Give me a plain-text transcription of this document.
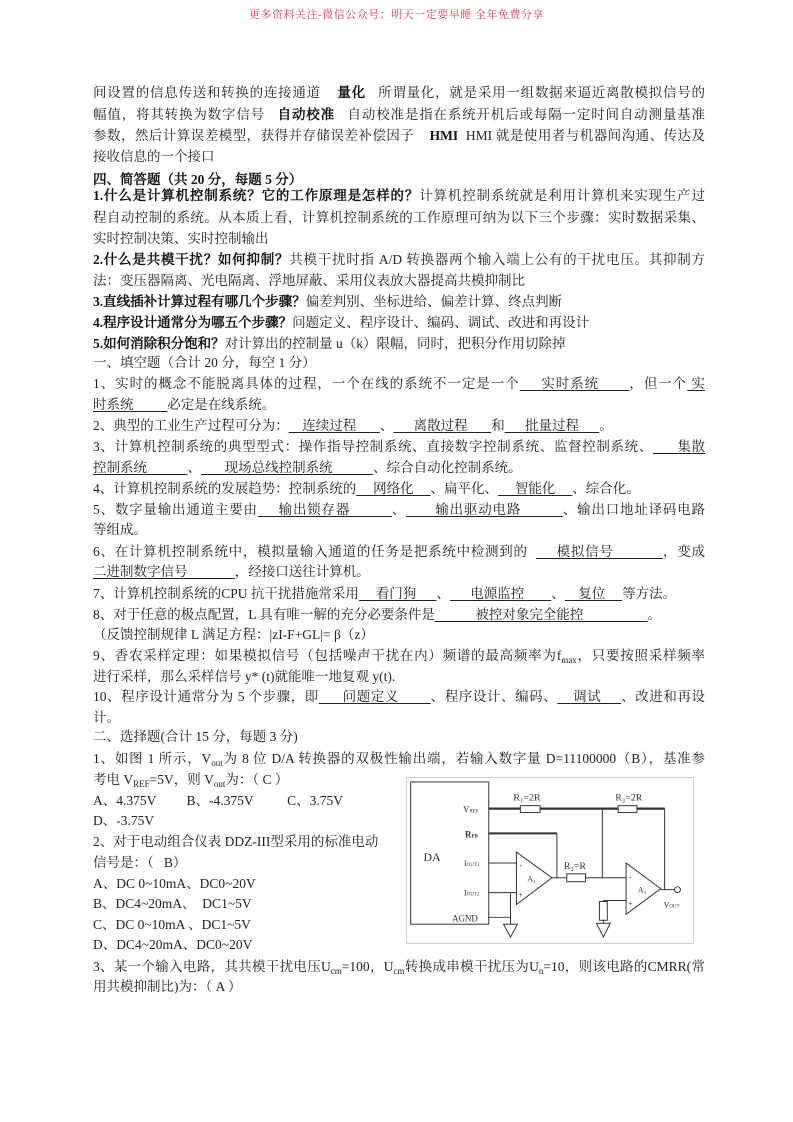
更多资料关注-微信公众号：明天一定要早睡 全年免费分享
间设置的信息传送和转换的连接通道    量化   所谓量化，就是采用一组数据来逼近离散模拟信号的
幅值，将其转换为数字信号   自动校准   自动校准是指在系统开机后或每隔一定时间自动测量基准
参数，然后计算误差模型，获得并存储误差补偿因子    HMI  HMI 就是使用者与机器间沟通、传达及
接收信息的一个接口
四、简答题（共 20 分，每题 5 分）
1.什么是计算机控制系统？它的工作原理是怎样的？计算机控制系统就是利用计算机来实现生产过
程自动控制的系统。从本质上看，计算机控制系统的工作原理可纳为以下三个步骤：实时数据采集、
实时控制决策、实时控制输出
2.什么是共模干扰？如何抑制？共模干扰时指 A/D 转换器两个输入端上公有的干扰电压。其抑制方
法：变压器隔离、光电隔离、浮地屏蔽、采用仪表放大器提高共模抑制比
3.直线插补计算过程有哪几个步骤？偏差判别、坐标进给、偏差计算、终点判断
4.程序设计通常分为哪五个步骤？问题定义、程序设计、编码、调试、改进和再设计
5.如何消除积分饱和？对计算出的控制量 u（k）限幅，同时，把积分作用切除掉
一、填空题（合计 20 分，每空 1 分）
1、实时的概念不能脱离具体的过程，一个在线的系统不一定是一个     实时系统       ，但一个 实
时系统          必定是在线系统。
2、典型的工业生产过程可分为：    连续过程       、      离散过程       和      批量过程      。
3、计算机控制系统的典型型式：操作指导控制系统、直接数字控制系统、监督控制系统、      集散
控制系统            、       现场总线控制系统            、综合自动化控制系统。
4、计算机控制系统的发展趋势：控制系统的     网络化     、扁平化、     智能化     、综合化。
5、数字量输出通道主要由     输出锁存器          、       输出驱动电路          、输出口地址译码电路
等组成。
6、在计算机控制系统中，模拟量输入通道的任务是把系统中检测到的       模拟信号            ，变成
二进制数字信号              ，经接口送往计算机。
7、计算机控制系统的CPU 抗干扰措施常采用     看门狗      、      电源监控        、    复位     等方法。
8、对于任意的极点配置，L 具有唯一解的充分必要条件是            被控对象完全能控                   。
（反馈控制规律 L 满足方程：|zI-F+GL|= β（z）
9、香农采样定理：如果模拟信号（包括噪声干扰在内）频谱的最高频率为$f_{max}$，只要按照采样频率
进行采样，那么采样信号 y* (t)就能唯一地复观 y(t).
10、程序设计通常分为 5 个步骤，即      问题定义        、程序设计、编码、    调试     、改进和再设
计。
二、选择题(合计 15 分，每题 3 分)
1、如图 1 所示，$V_{out}$为 8 位 D/A 转换器的双极性输出端，若输入数字量 D=11100000（B），基准参
考电 $V_{REF}=5V$，则 $V_{out}$为：（ C ）
A、4.375V         B、-4.375V          C、3.75V
D、-3.75V
2、对于电动组合仪表 DDZ-III型采用的标准电动
信号是：（   B）
A、DC 0~10mA、DC0~20V
B、DC4~20mA、  DC1~5V
C、DC 0~10mA 、DC1~5V
D、DC4~20mA、DC0~20V
3、某一个输入电路，其共模干扰电压$U_{cm}=100$，$U_{cm}$转换成串模干扰压为$U_n=10$，则该电路的CMRR(常
用共模抑制比)为：（ A ）
DA
VREF
RFB
IOUT1
IOUT2
AGND
R₁=2R	R₃=2R
R₂=R
A₁
A₂
-
+
-
+	VOUT
